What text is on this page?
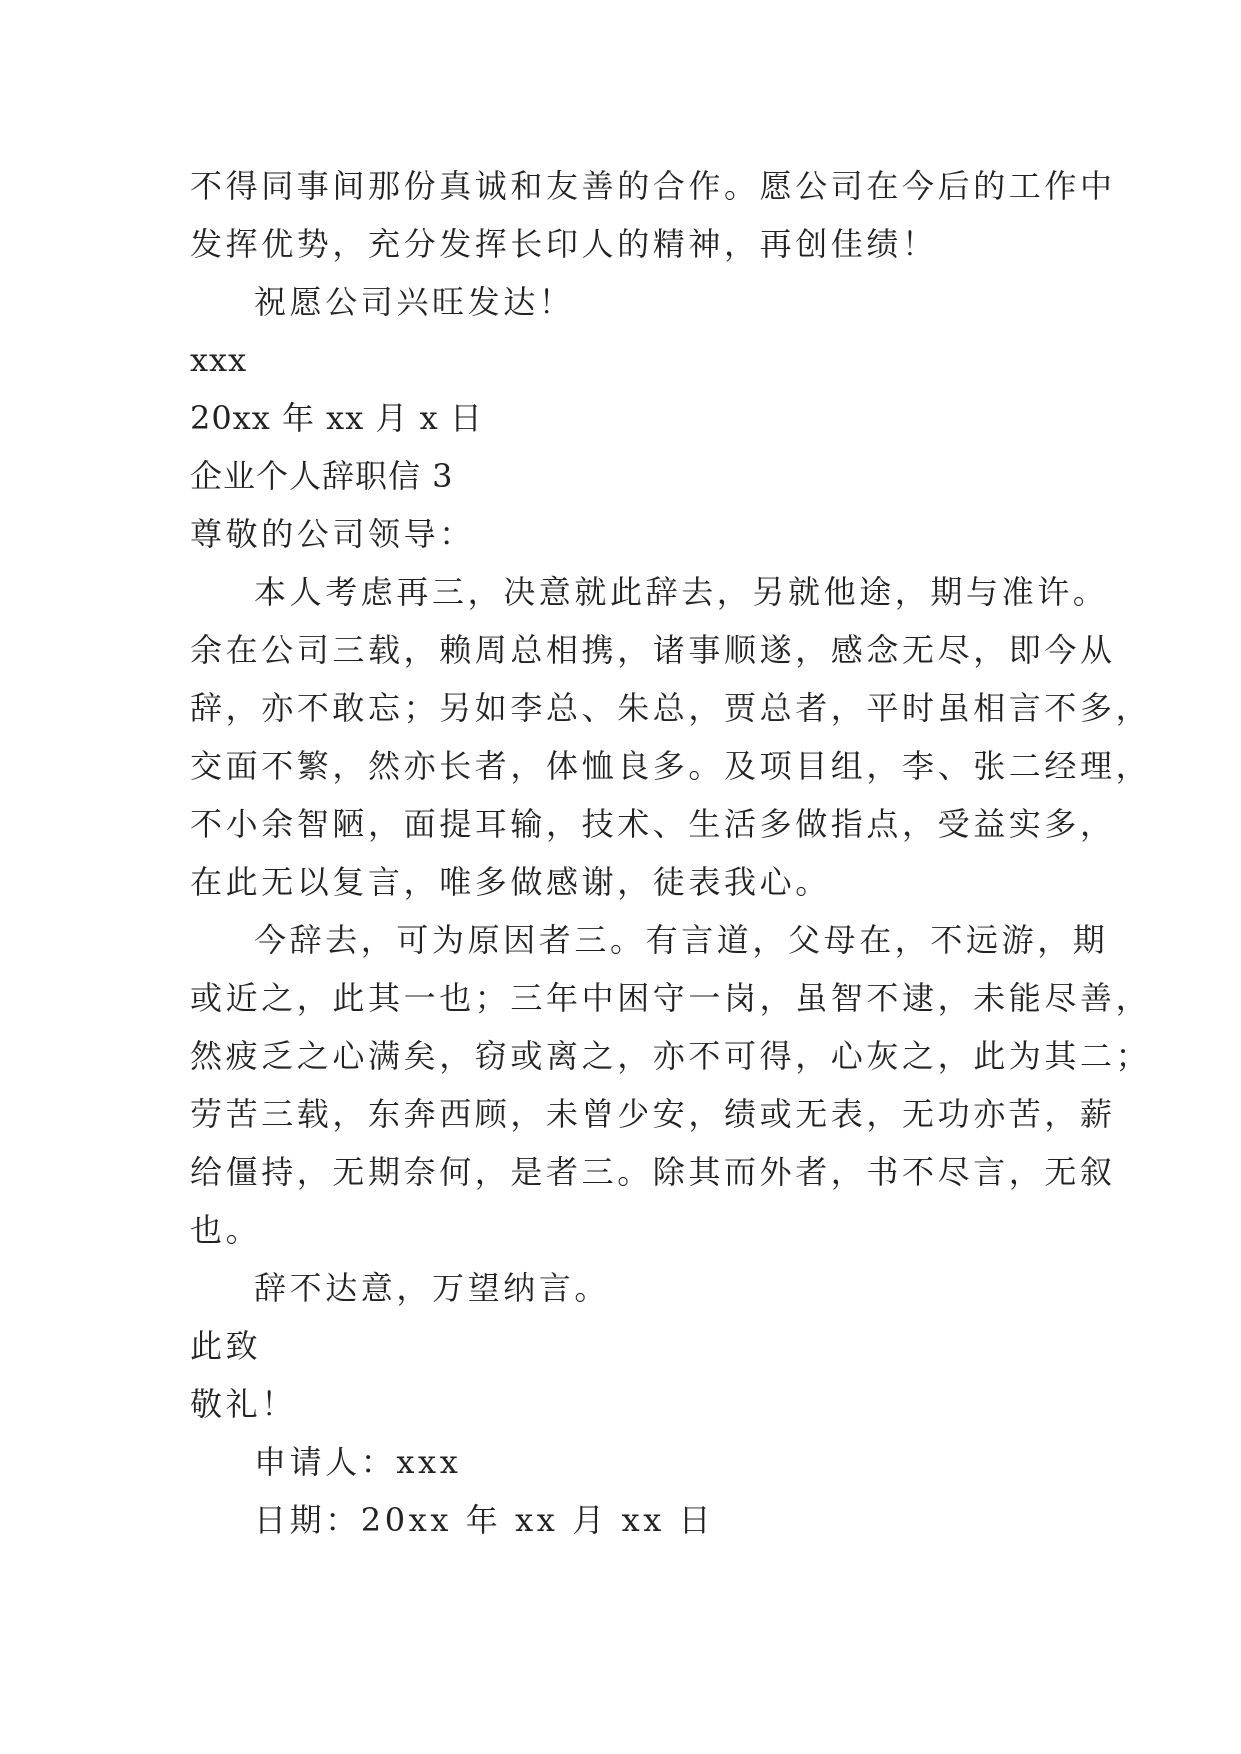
不得同事间那份真诚和友善的合作。愿公司在今后的工作中
发挥优势，充分发挥长印人的精神，再创佳绩！
祝愿公司兴旺发达！
xxx
20xx 年 xx 月 x 日
企业个人辞职信 3
尊敬的公司领导：
本人考虑再三，决意就此辞去，另就他途，期与准许。
余在公司三载，赖周总相携，诸事顺遂，感念无尽，即今从
辞，亦不敢忘；另如李总、朱总，贾总者，平时虽相言不多，
交面不繁，然亦长者，体恤良多。及项目组，李、张二经理，
不小余智陋，面提耳输，技术、生活多做指点，受益实多，
在此无以复言，唯多做感谢，徒表我心。
今辞去，可为原因者三。有言道，父母在，不远游，期
或近之，此其一也；三年中困守一岗，虽智不逮，未能尽善，
然疲乏之心满矣，窃或离之，亦不可得，心灰之，此为其二；
劳苦三载，东奔西顾，未曾少安，绩或无表，无功亦苦，薪
给僵持，无期奈何，是者三。除其而外者，书不尽言，无叙
也。
辞不达意，万望纳言。
此致
敬礼！
申请人：xxx
日期：20xx 年 xx 月 xx 日
